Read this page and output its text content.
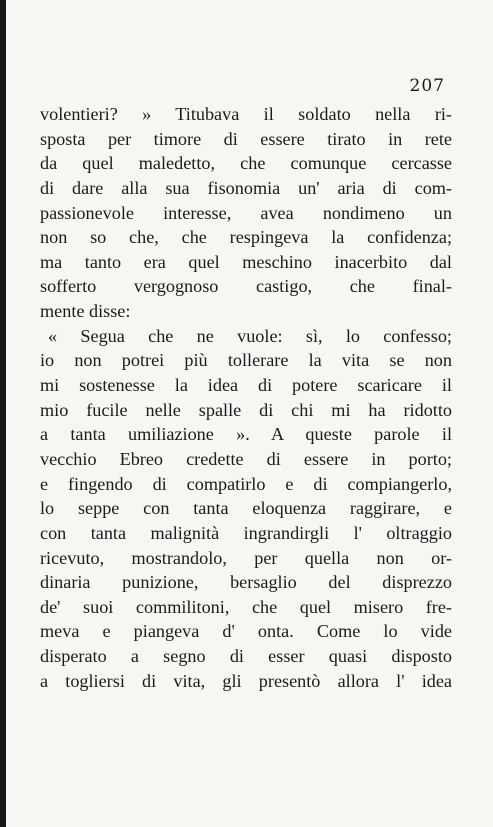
207
volentieri? » Titubava il soldato nella ri-
sposta per timore di essere tirato in rete
da quel maledetto, che comunque cercasse
di dare alla sua fisonomia un' aria di com-
passionevole interesse, avea nondimeno un
non so che, che respingeva la confidenza;
ma tanto era quel meschino inacerbito dal
sofferto vergognoso castigo, che final-
mente disse:
« Segua che ne vuole: sì, lo confesso;
io non potrei più tollerare la vita se non
mi sostenesse la idea di potere scaricare il
mio fucile nelle spalle di chi mi ha ridotto
a tanta umiliazione ». A queste parole il
vecchio Ebreo credette di essere in porto;
e fingendo di compatirlo e di compiangerlo,
lo seppe con tanta eloquenza raggirare, e
con tanta malignità ingrandirgli l' oltraggio
ricevuto, mostrandolo, per quella non or-
dinaria punizione, bersaglio del disprezzo
de' suoi commilitoni, che quel misero fre-
meva e piangeva d' onta. Come lo vide
disperato a segno di esser quasi disposto
a togliersi di vita, gli presentò allora l' idea
